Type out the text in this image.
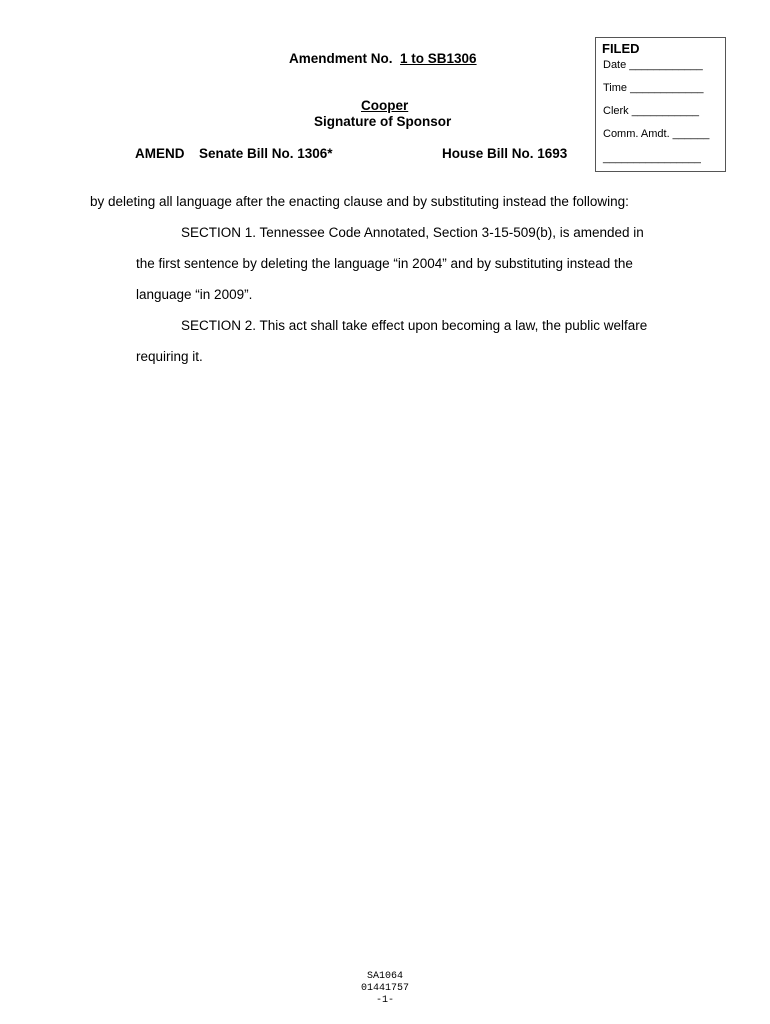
Amendment No. 1 to SB1306
Cooper
Signature of Sponsor
AMEND Senate Bill No. 1306*	House Bill No. 1693
FILED
Date ____________
Time ____________
Clerk ___________
Comm. Amdt. ______
________________
by deleting all language after the enacting clause and by substituting instead the following:
SECTION 1. Tennessee Code Annotated, Section 3-15-509(b), is amended in
the first sentence by deleting the language “in 2004” and by substituting instead the
language “in 2009”.
SECTION 2. This act shall take effect upon becoming a law, the public welfare
requiring it.
SA1064
01441757
-1-
